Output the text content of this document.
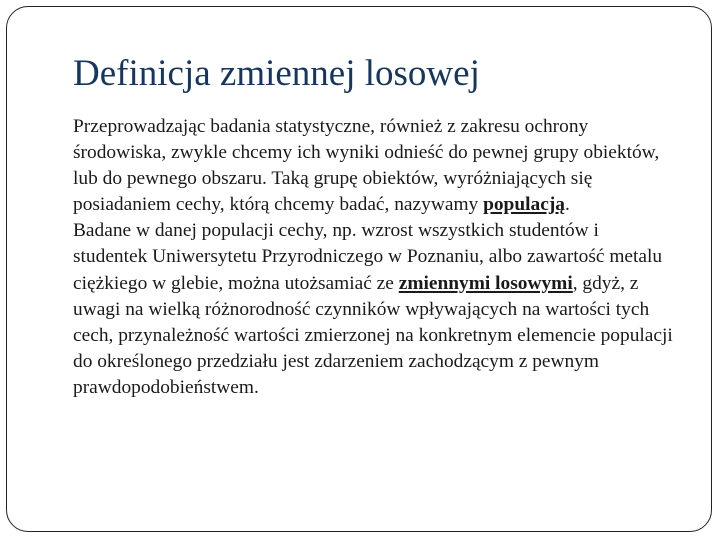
Definicja zmiennej losowej

Przeprowadzając badania statystyczne, również z zakresu ochrony środowiska, zwykle chcemy ich wyniki odnieść do pewnej grupy obiektów, lub do pewnego obszaru. Taką grupę obiektów, wyróżniających się posiadaniem cechy, którą chcemy badać, nazywamy populacją.

Badane w danej populacji cechy, np. wzrost wszystkich studentów i studentek Uniwersytetu Przyrodniczego w Poznaniu, albo zawartość metalu ciężkiego w glebie, można utożsamiać ze zmiennymi losowymi, gdyż, z uwagi na wielką różnorodność czynników wpływających na wartości tych cech, przynależność wartości zmierzonej na konkretnym elemencie populacji do określonego przedziału jest zdarzeniem zachodzącym z pewnym prawdopodobieństwem.
